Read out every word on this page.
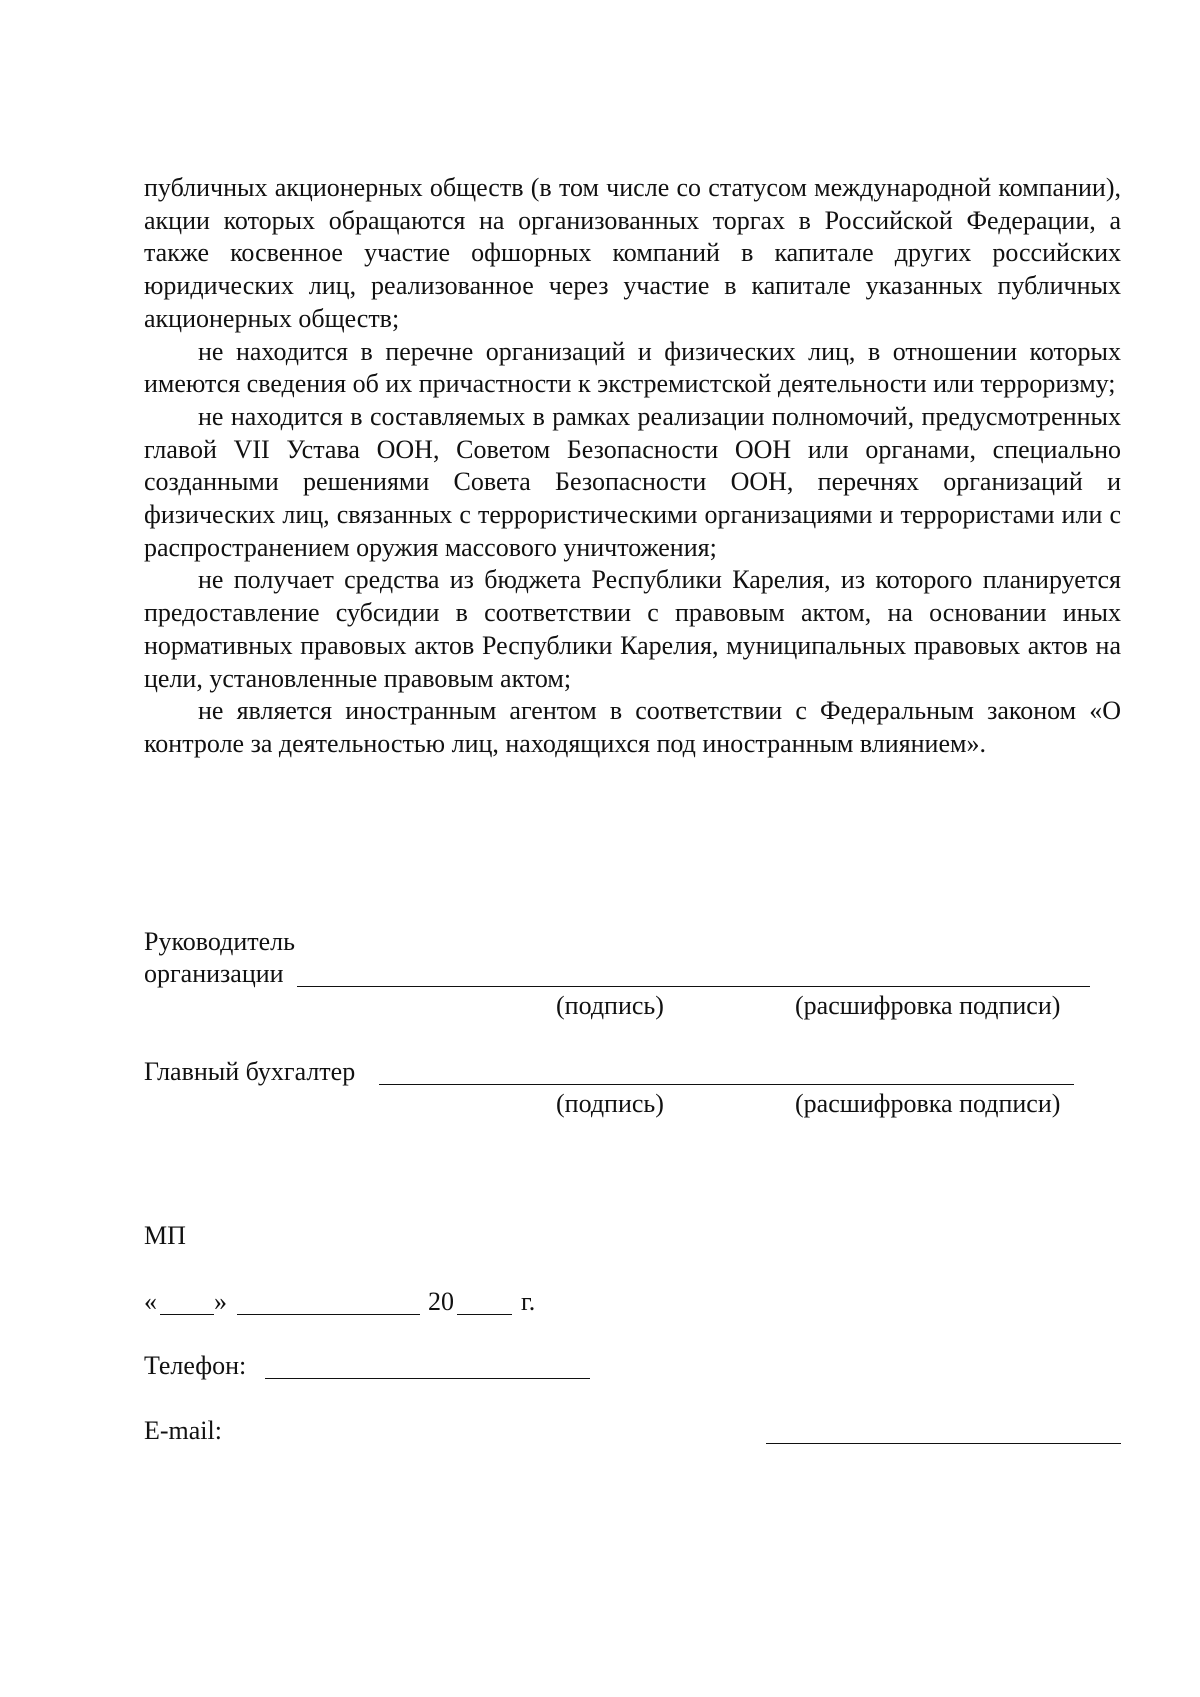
публичных акционерных обществ (в том числе со статусом международной компании), акции которых обращаются на организованных торгах в Российской Федерации, а также косвенное участие офшорных компаний в капитале других российских юридических лиц, реализованное через участие в капитале указанных публичных акционерных обществ;

не находится в перечне организаций и физических лиц, в отношении которых имеются сведения об их причастности к экстремистской деятельности или терроризму;

не находится в составляемых в рамках реализации полномочий, предусмотренных главой VII Устава ООН, Советом Безопасности ООН или органами, специально созданными решениями Совета Безопасности ООН, перечнях организаций и физических лиц, связанных с террористическими организациями и террористами или с распространением оружия массового уничтожения;

не получает средства из бюджета Республики Карелия, из которого планируется предоставление субсидии в соответствии с правовым актом, на основании иных нормативных правовых актов Республики Карелия, муниципальных правовых актов на цели, установленные правовым актом;

не является иностранным агентом в соответствии с Федеральным законом «О контроле за деятельностью лиц, находящихся под иностранным влиянием».

Руководитель
организации
(подпись)	(расшифровка подписи)
Главный бухгалтер
(подпись)	(расшифровка подписи)
МП
« »	20	г.
Телефон:
E-mail:
